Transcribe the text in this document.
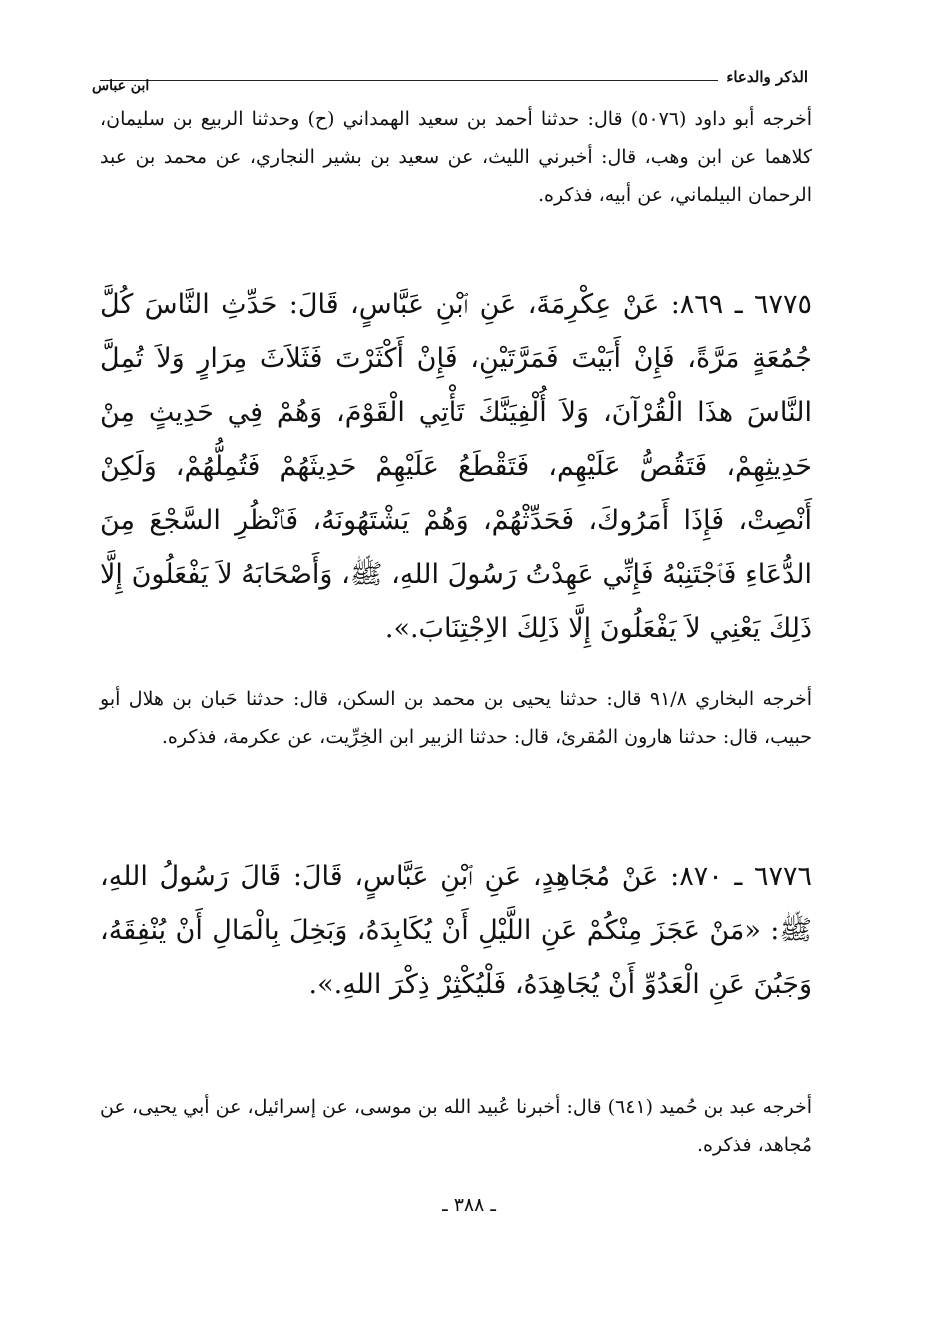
الذكر والدعاء
ابن عباس
أخرجه أبو داود (٥٠٧٦) قال: حدثنا أحمد بن سعيد الهمداني (ح) وحدثنا الربيع بن سليمان، كلاهما عن ابن وهب، قال: أخبرني الليث، عن سعيد بن بشير النجاري، عن محمد بن عبد الرحمان البيلماني، عن أبيه، فذكره.
٦٧٧٥ ـ ٨٦٩: عَنْ عِكْرِمَةَ، عَنِ ٱبْنِ عَبَّاسٍ، قَالَ: حَدِّثِ النَّاسَ كُلَّ جُمُعَةٍ مَرَّةً، فَإِنْ أَبَيْتَ فَمَرَّتَيْنِ، فَإِنْ أَكْثَرْتَ فَثَلاَثَ مِرَارٍ وَلاَ تُمِلَّ النَّاسَ هذَا الْقُرْآنَ، وَلاَ أُلْفِيَنَّكَ تَأْتِي الْقَوْمَ، وَهُمْ فِي حَدِيثٍ مِنْ حَدِيثِهِمْ، فَتَقُصُّ عَلَيْهِم، فَتَقْطَعُ عَلَيْهِمْ حَدِيثَهُمْ فَتُمِلُّهُمْ، وَلَكِنْ أَنْصِتْ، فَإِذَا أَمَرُوكَ، فَحَدِّثْهُمْ، وَهُمْ يَشْتَهُونَهُ، فَٱنْظُرِ السَّجْعَ مِنَ الدُّعَاءِ فَٱجْتَنِبْهُ فَإِنِّي عَهِدْتُ رَسُولَ اللهِ، ﷺ، وَأَصْحَابَهُ لاَ يَفْعَلُونَ إِلَّا ذَلِكَ يَعْنِي لاَ يَفْعَلُونَ إِلَّا ذَلِكَ الاِجْتِنَابَ.».
أخرجه البخاري ٩١/٨ قال: حدثنا يحيى بن محمد بن السكن، قال: حدثنا حَبان بن هلال أبو حبيب، قال: حدثنا هارون المُقرئ، قال: حدثنا الزبير ابن الخِرِّيت، عن عكرمة، فذكره.
٦٧٧٦ ـ ٨٧٠: عَنْ مُجَاهِدٍ، عَنِ ٱبْنِ عَبَّاسٍ، قَالَ: قَالَ رَسُولُ اللهِ، ﷺ: «مَنْ عَجَزَ مِنْكُمْ عَنِ اللَّيْلِ أَنْ يُكَابِدَهُ، وَبَخِلَ بِالْمَالِ أَنْ يُنْفِقَهُ، وَجَبُنَ عَنِ الْعَدُوِّ أَنْ يُجَاهِدَهُ، فَلْيُكْثِرْ ذِكْرَ اللهِ.».
أخرجه عبد بن حُميد (٦٤١) قال: أخبرنا عُبيد الله بن موسى، عن إسرائيل، عن أبي يحيى، عن مُجاهد، فذكره.
ـ ٣٨٨ ـ
